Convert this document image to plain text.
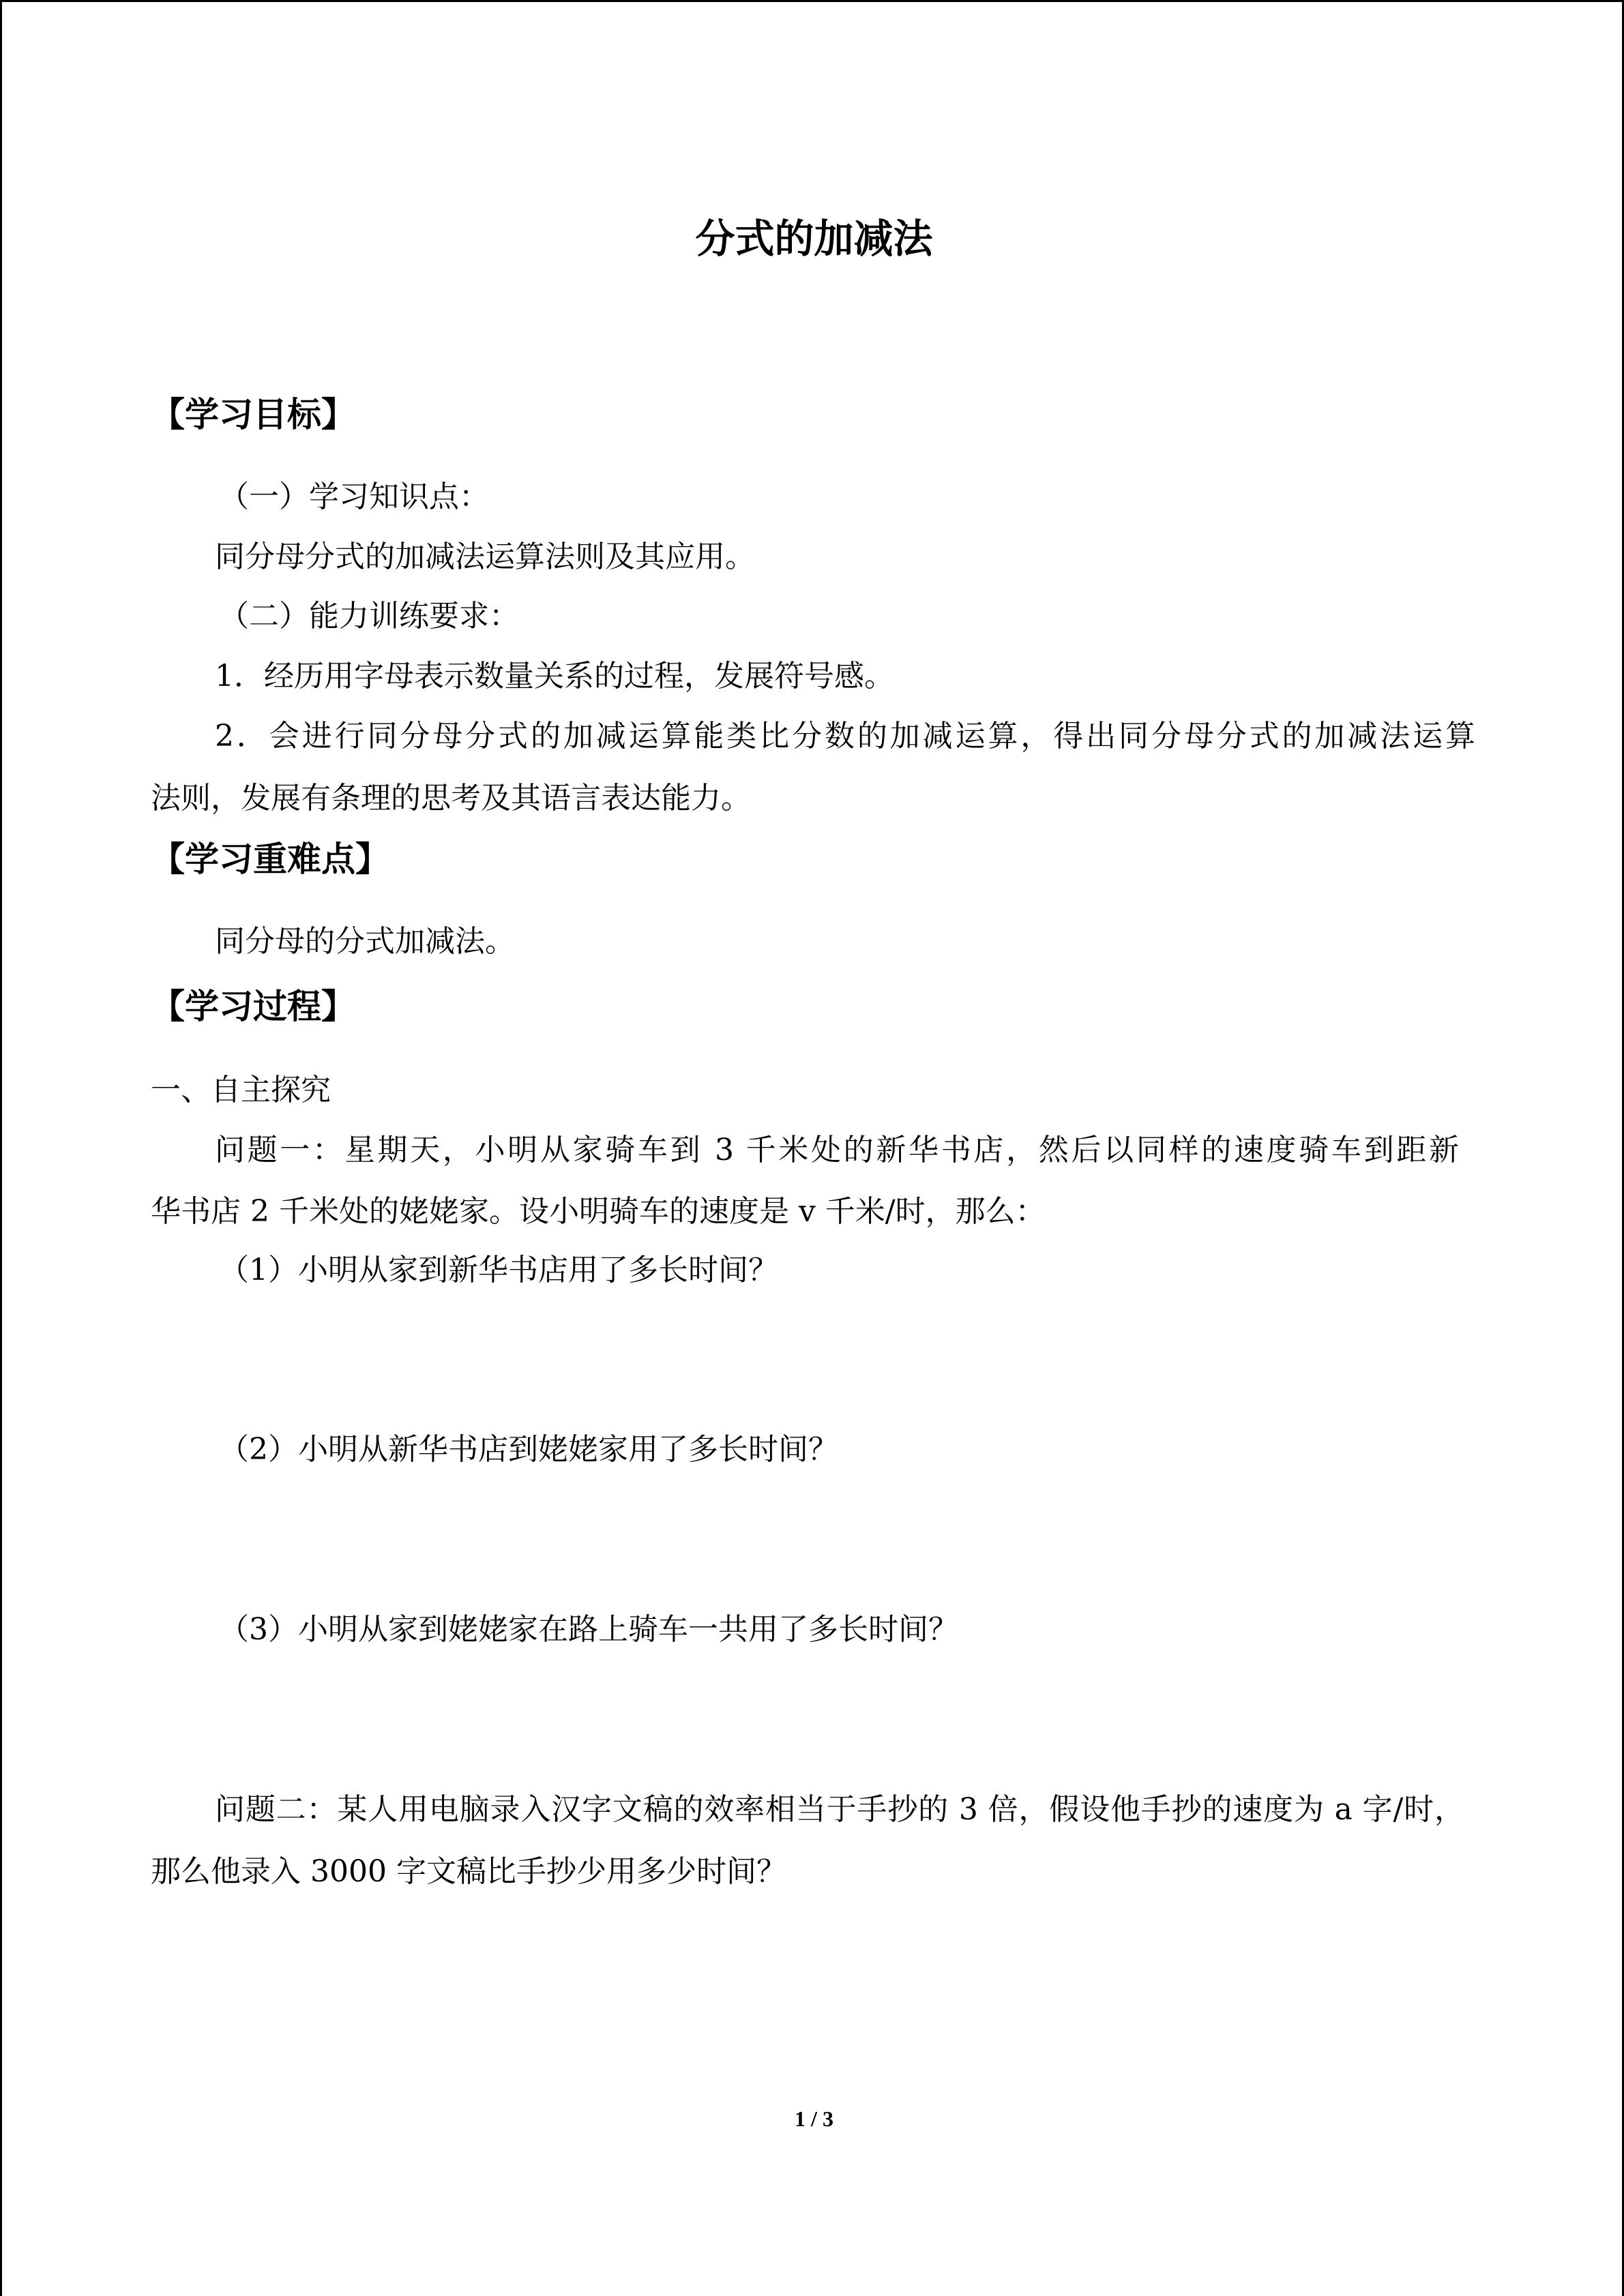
分式的加减法
【学习目标】
（一）学习知识点：
同分母分式的加减法运算法则及其应用。
（二）能力训练要求：
1．经历用字母表示数量关系的过程，发展符号感。
2．会进行同分母分式的加减运算能类比分数的加减运算，得出同分母分式的加减法运算
法则，发展有条理的思考及其语言表达能力。
【学习重难点】
同分母的分式加减法。
【学习过程】
一、自主探究
问题一：星期天，小明从家骑车到 3 千米处的新华书店，然后以同样的速度骑车到距新
华书店 2 千米处的姥姥家。设小明骑车的速度是 v 千米/时，那么：
（1）小明从家到新华书店用了多长时间？
（2）小明从新华书店到姥姥家用了多长时间？
（3）小明从家到姥姥家在路上骑车一共用了多长时间？
问题二：某人用电脑录入汉字文稿的效率相当于手抄的 3 倍，假设他手抄的速度为 a 字/时，
那么他录入 3000 字文稿比手抄少用多少时间？
1 / 3
